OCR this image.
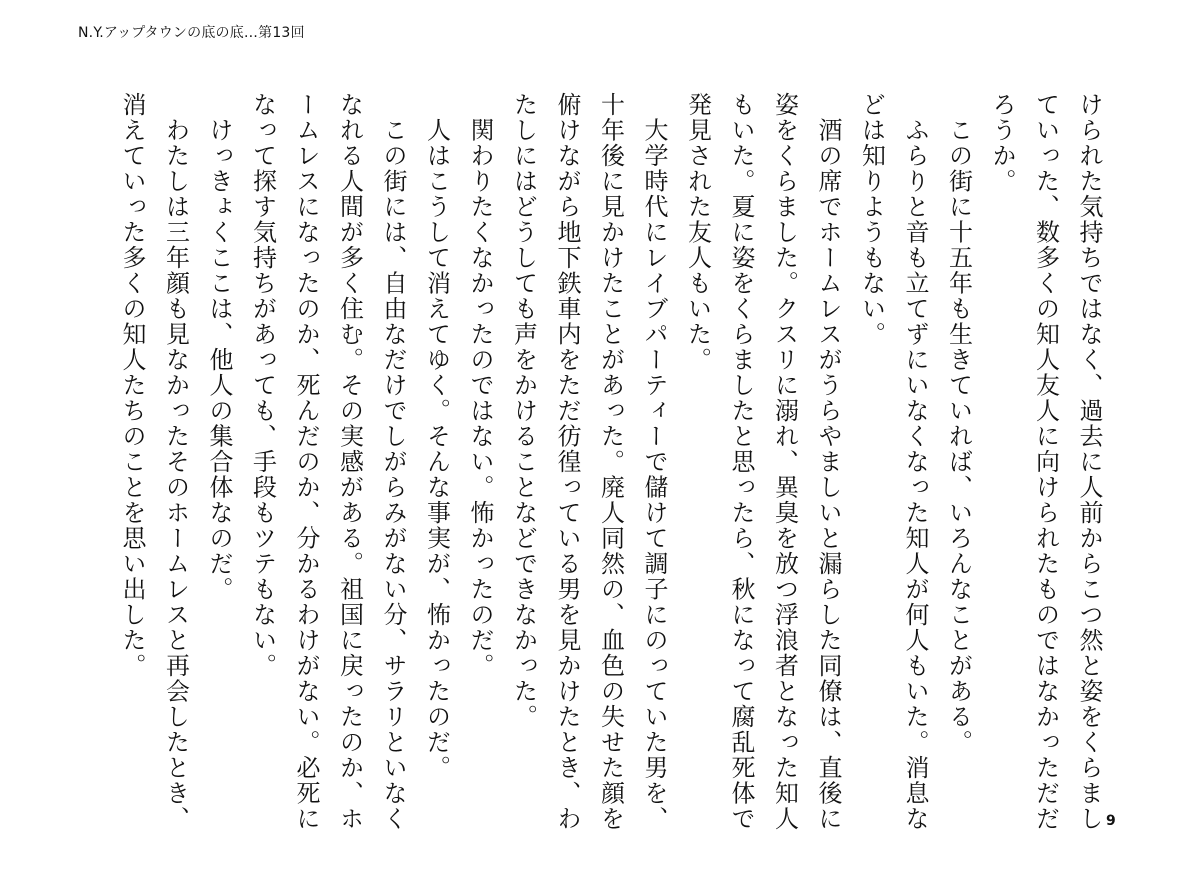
N.Y.アップタウンの底の底…第13回

けられた気持ちではなく、過去に人前からこつ然と姿をくらまし
ていった、数多くの知人友人に向けられたものではなかっただだ
ろうか。

　この街に十五年も生きていれば、いろんなことがある。
　ふらりと音も立てずにいなくなった知人が何人もいた。消息な
どは知りようもない。

　酒の席でホームレスがうらやましいと漏らした同僚は、直後に
姿をくらました。クスリに溺れ、異臭を放つ浮浪者となった知人
もいた。夏に姿をくらましたと思ったら、秋になって腐乱死体で
発見された友人もいた。

　大学時代にレイブパーティーで儲けて調子にのっていた男を、
十年後に見かけたことがあった。廃人同然の、血色の失せた顔を
俯けながら地下鉄車内をただ彷徨っている男を見かけたとき、わ
たしにはどうしても声をかけることなどできなかった。

　関わりたくなかったのではない。怖かったのだ。
　人はこうして消えてゆく。そんな事実が、怖かったのだ。

　この街には、自由なだけでしがらみがない分、サラリといなく
なれる人間が多く住む。その実感がある。祖国に戻ったのか、ホ
ームレスになったのか、死んだのか、分かるわけがない。必死に
なって探す気持ちがあっても、手段もツテもない。
　けっきょくここは、他人の集合体なのだ。

　わたしは三年顔も見なかったそのホームレスと再会したとき、
消えていった多くの知人たちのことを思い出した。

9
